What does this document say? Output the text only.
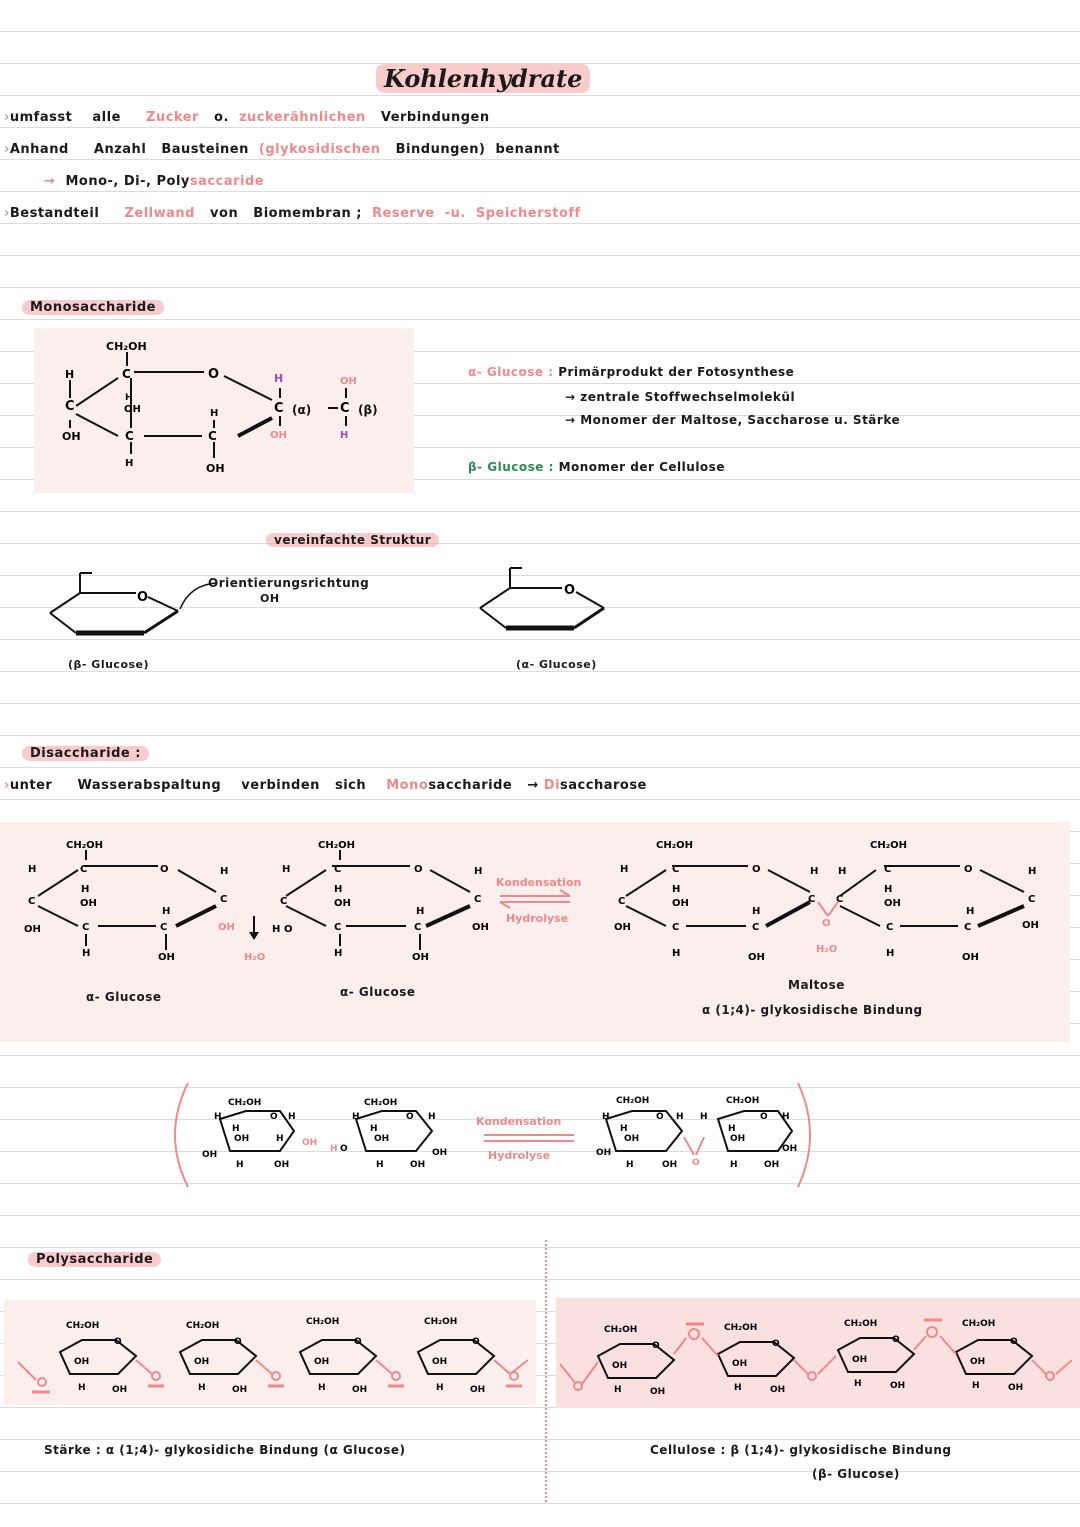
Kohlenhydrate
›umfasst alle Zucker o. zuckerähnlichen Verbindungen
›Anhand Anzahl Bausteinen (glykosidischen Bindungen) benannt
→ Mono-, Di-, Polysaccaride
›Bestandteil Zellwand von Biomembran ; Reserve -u. Speicherstoff
Monosaccharide
CH₂OH
C	O
H
C
OH
H
OH
C
H
H
C
OH
C
H
OH
(α) C
OH
H
(β)
α- Glucose : Primärprodukt der Fotosynthese
→ zentrale Stoffwechselmolekül
→ Monomer der Maltose, Saccharose u. Stärke
β- Glucose : Monomer der Cellulose
vereinfachte Struktur
O
Orientierungsrichtung
OH
(β- Glucose)
O
(α- Glucose)
Disaccharide :
›unter Wasserabspaltung verbinden sich Monosaccharide → Disaccharose
CH₂OH
C	O
H
C
OH
H
OH
C
H
H
C
OH
H
C
OH
H₂O
CH₂OH
C	O
H
C
H O
H
OH
C
H
H
C
OH
H
C
OH
CH₂OH
C	O
H
C
OH
H
OH
C
H
H
C
OH
H
C
O
H₂O
H
C
CH₂OH
C	O
H
OH
C
H
H
C
OH
H
C
OH
Kondensation
Hydrolyse
α- Glucose	α- Glucose	Maltose
α (1;4)- glykosidische Bindung
CH₂OH
H	O H
H
OH	H
OH
H	OH
OH
H O
CH₂OH
H	O H
H
OH
H	OH
OH
CH₂OH
H	O H
H
OH
OH
H	OH O
CH₂OH
H	O H
H
OH
H	OH
OH
Kondensation
Hydrolyse
Polysaccharide
CH₂OH
O
OH
H	OH
CH₂OH
O
OH
H	OH
CH₂OH
O
OH
H	OH
CH₂OH
O
OH
H	OH
CH₂OH
O
OH
H	OH
CH₂OH
O
OH
H	OH
CH₂OH
O
OH
H	OH
CH₂OH
O
OH
H	OH
Stärke : α (1;4)- glykosidiche Bindung (α Glucose)	Cellulose : β (1;4)- glykosidische Bindung
(β- Glucose)
